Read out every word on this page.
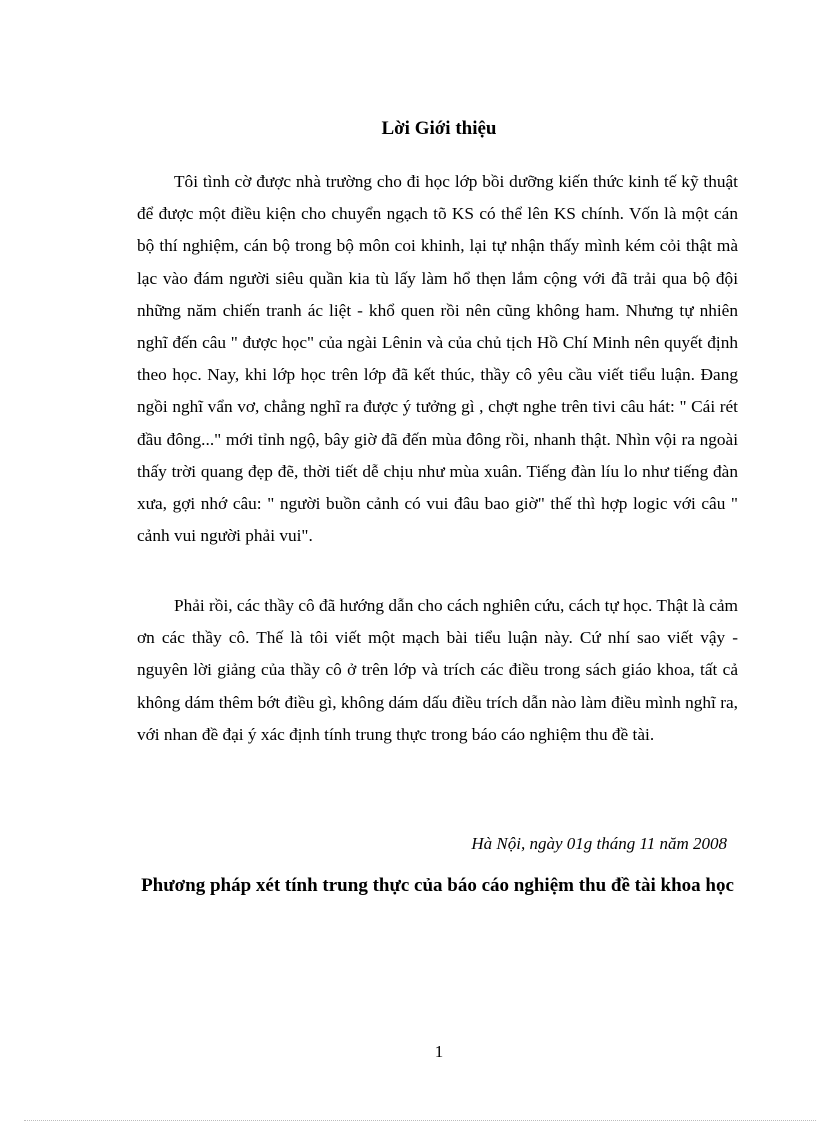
Lời Giới thiệu

Tôi tình cờ được nhà trường cho đi học lớp bồi dưỡng kiến thức kinh tế kỹ thuật để được một điều kiện cho chuyển ngạch tõ KS có thể lên KS chính. Vốn là một cán bộ thí nghiệm, cán bộ trong bộ môn coi khinh, lại tự nhận thấy mình kém cỏi thật mà lạc vào đám người siêu quần kia tù lấy làm hổ thẹn lắm cộng với đã trải qua bộ đội những năm chiến tranh ác liệt - khổ quen rồi nên cũng không ham. Nhưng tự nhiên nghĩ đến câu " được học" của ngài Lênin và của chủ tịch Hồ Chí Minh nên quyết định theo học. Nay, khi lớp học trên lớp đã kết thúc, thầy cô yêu cầu viết tiểu luận. Đang ngồi nghĩ vẩn vơ, chẳng nghĩ ra được ý tưởng gì , chợt nghe trên tivi câu hát: " Cái rét đầu đông..." mới tỉnh ngộ, bây giờ đã đến mùa đông rồi, nhanh thật. Nhìn vội ra ngoài thấy trời quang đẹp đẽ, thời tiết dễ chịu như mùa xuân. Tiếng đàn líu lo như tiếng đàn xưa, gợi nhớ câu: " người buồn cảnh có vui đâu bao giờ" thế thì hợp logic với câu " cảnh vui người phải vui".

Phải rồi, các thầy cô đã hướng dẫn cho cách nghiên cứu, cách tự học. Thật là cảm ơn các thầy cô. Thế là tôi viết một mạch bài tiểu luận này. Cứ nhí sao viết vậy - nguyên lời giảng của thầy cô ở trên lớp và trích các điều trong sách giáo khoa, tất cả không dám thêm bớt điều gì, không dám dấu điều trích dẫn nào làm điều mình nghĩ ra, với nhan đề đại ý xác định tính trung thực trong báo cáo nghiệm thu đề tài.

Hà Nội, ngày 01g tháng 11 năm 2008
Phương pháp xét tính trung thực của báo cáo nghiệm thu đề tài khoa học
1
